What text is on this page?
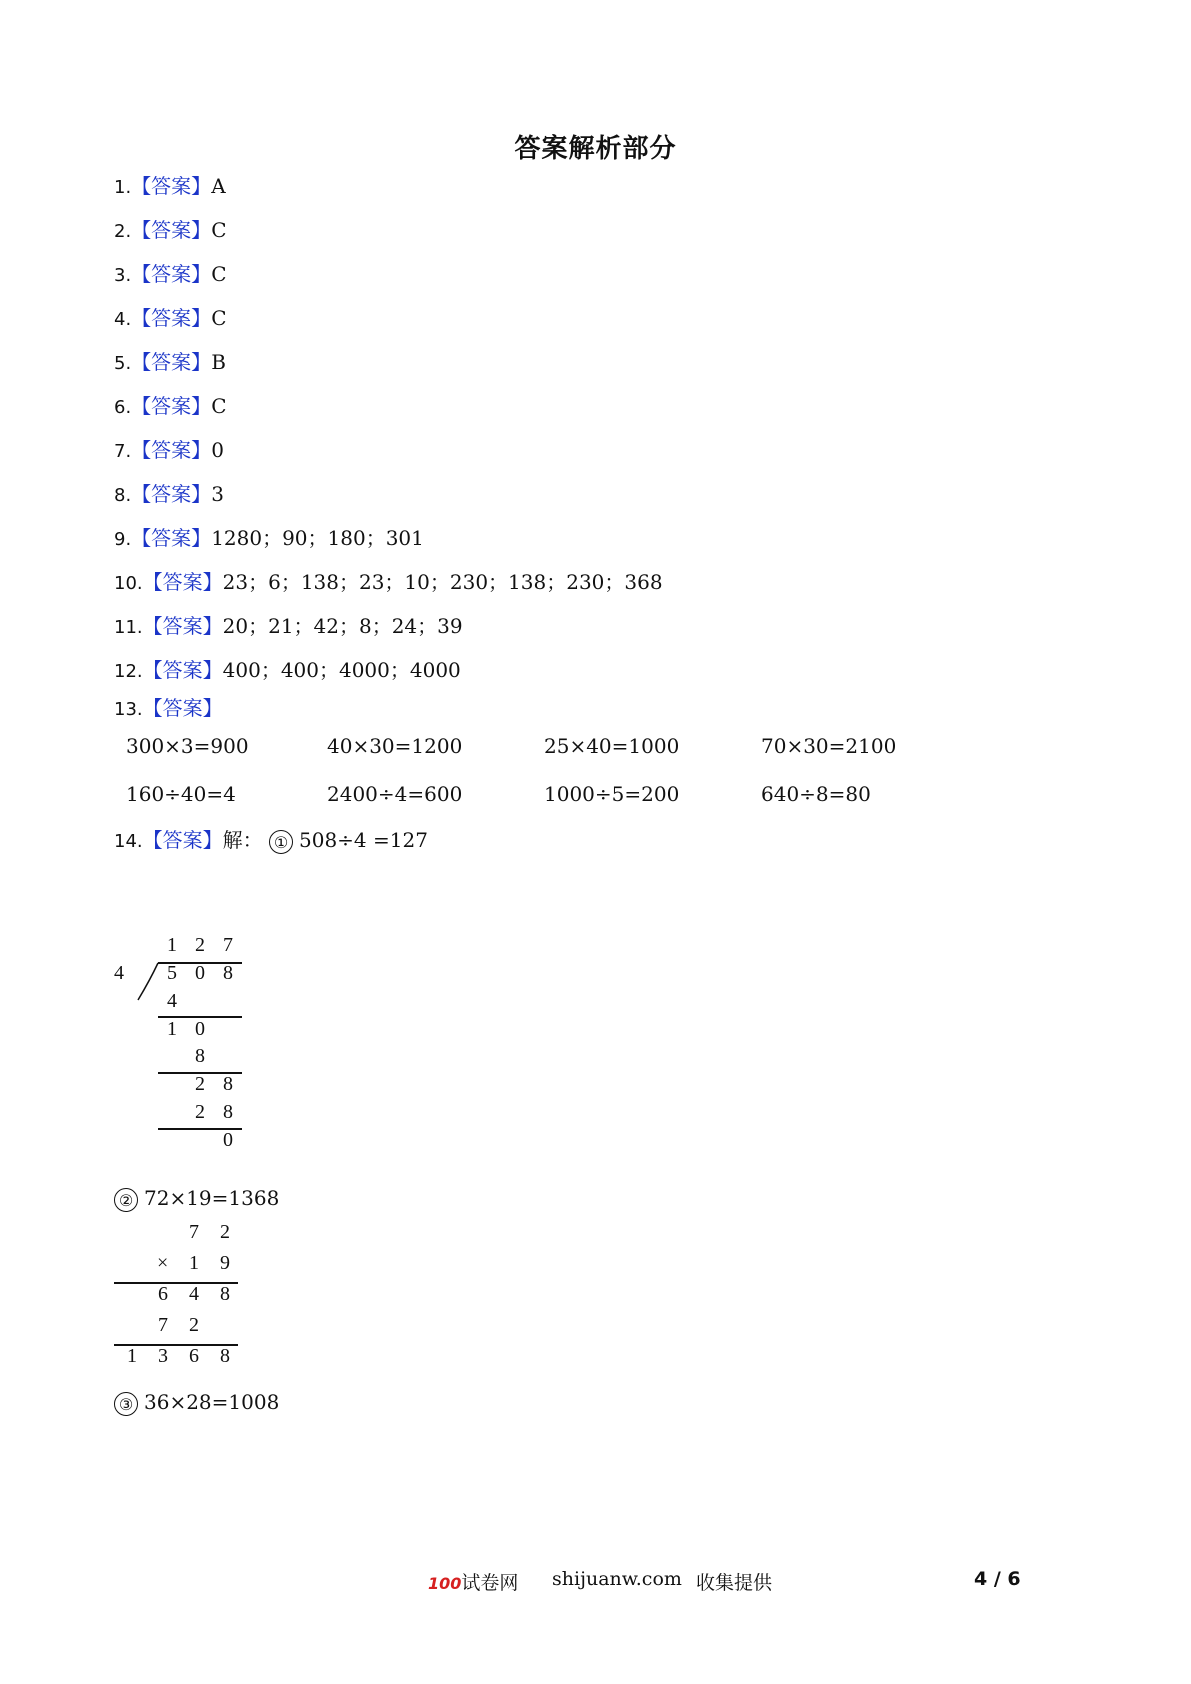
答案解析部分
1.【答案】A
2.【答案】C
3.【答案】C
4.【答案】C
5.【答案】B
6.【答案】C
7.【答案】0
8.【答案】3
9.【答案】1280；90；180；301
10.【答案】23；6；138；23；10；230；138；230；368
11.【答案】20；21；42；8；24；39
12.【答案】400；400；4000；4000
13.【答案】
300×3=900	40×30=1200	25×40=1000	70×30=2100
160÷40=4	2400÷4=600	1000÷5=200	640÷8=80
14.【答案】解： ① 508÷4 =127
1 2 7
4 5 0 8
4
1 0
8
2 8
2 8
0
② 72×19=1368
7 2
× 1 9
6 4 8
7 2
1 3 6 8
③ 36×28=1008
100试卷网 shijuanw.com 收集提供	4 / 6
